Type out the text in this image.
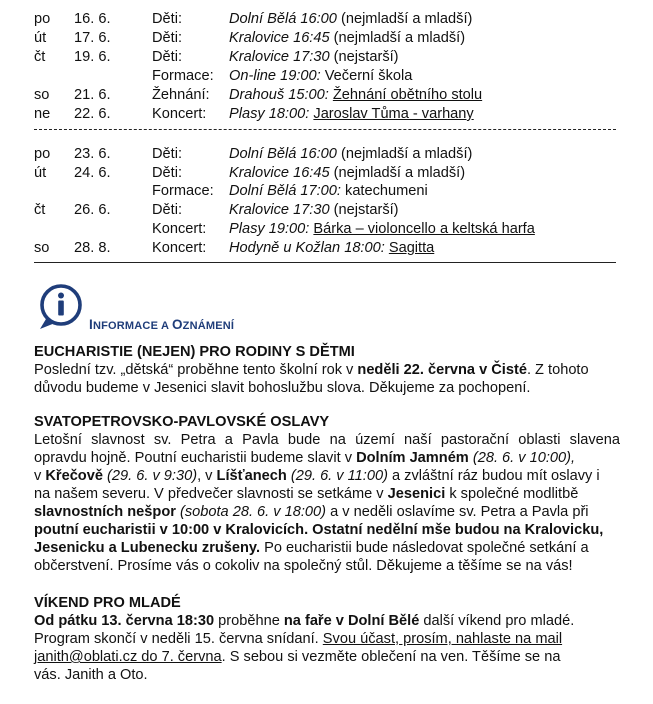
po 16. 6.	Děti:	Dolní Bělá 16:00 (nejmladší a mladší)
út 17. 6.	Děti:	Kralovice 16:45 (nejmladší a mladší)
čt 19. 6.	Děti:	Kralovice 17:30 (nejstarší)
Formace: On-line 19:00: Večerní škola
so 21. 6.	Žehnání: Drahouš 15:00: Žehnání obětního stolu
ne 22. 6.	Koncert: Plasy 18:00: Jaroslav Tůma - varhany
po 23. 6.	Děti:	Dolní Bělá 16:00 (nejmladší a mladší)
út 24. 6.	Děti:	Kralovice 16:45 (nejmladší a mladší)
Formace: Dolní Bělá 17:00: katechumeni
čt 26. 6.	Děti:	Kralovice 17:30 (nejstarší)
Koncert: Plasy 19:00: Bárka – violoncello a keltská harfa
so 28. 8.	Koncert: Hodyně u Kožlan 18:00: Sagitta
INFORMACE A OZNÁMENÍ
EUCHARISTIE (NEJEN) PRO RODINY S DĚTMI
Poslední tzv. „dětská“ proběhne tento školní rok v neděli 22. června v Čisté. Z tohoto
důvodu budeme v Jesenici slavit bohoslužbu slova. Děkujeme za pochopení.
SVATOPETROVSKO-PAVLOVSKÉ OSLAVY
Letošní slavnost sv. Petra a Pavla bude na území naší pastorační oblasti slavena
opravdu hojně. Poutní eucharistii budeme slavit v Dolním Jamném (28. 6. v 10:00),
v Křečově (29. 6. v 9:30), v Líšťanech (29. 6. v 11:00) a zvláštní ráz budou mít oslavy i
na našem severu. V předvečer slavnosti se setkáme v Jesenici k společné modlitbě
slavnostních nešpor (sobota 28. 6. v 18:00) a v neděli oslavíme sv. Petra a Pavla při
poutní eucharistii v 10:00 v Kralovicích. Ostatní nedělní mše budou na Kralovicku,
Jesenicku a Lubenecku zrušeny. Po eucharistii bude následovat společné setkání a
občerstvení. Prosíme vás o cokoliv na společný stůl. Děkujeme a těšíme se na vás!
VÍKEND PRO MLADÉ
Od pátku 13. června 18:30 proběhne na faře v Dolní Bělé další víkend pro mladé.
Program skončí v neděli 15. června snídaní. Svou účast, prosím, nahlaste na mail
janith@oblati.cz do 7. června. S sebou si vezměte oblečení na ven. Těšíme se na
vás. Janith a Oto.
